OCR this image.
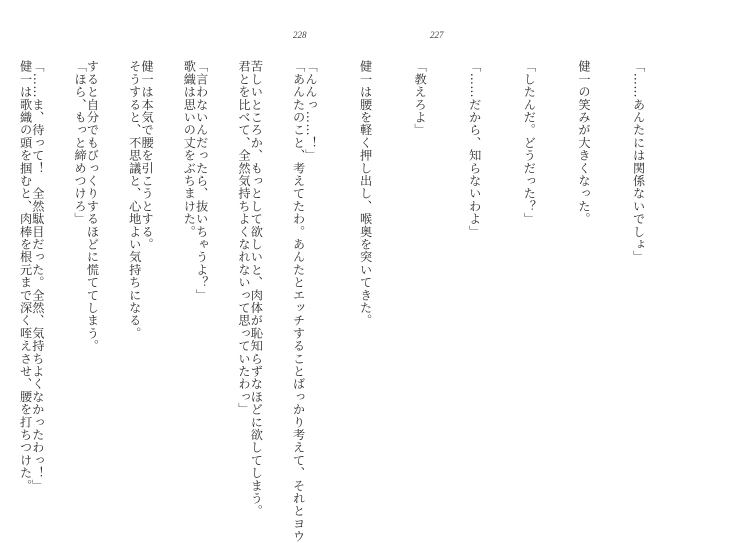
228	227

「……あんたには関係ないでしょ」

健一の笑みが大きくなった。

「したんだ。どうだった？」

「……だから、知らないわよ」

「教えろよ」

健一は腰を軽く押し出し、喉奥を突いてきた。

「んんっ……！」

苦しいところか、もっとして欲しいと、肉体が恥知らずなほどに欲してしまう。

「言わないんだったら、抜いちゃうよ？」

健一は本気で腰を引こうとする。

すると自分でもびっくりするほどに慌ててしまう。

「……ま、待って！　全然駄目だった。全然、気持ちよくなかったわっ！」

	「あんたのこと、考えてたわ。あんたとエッチすることばっかり考えて、それとヨウ

君とを比べて、全然気持ちよくなれないって思っていたわっ」

歌織は思いの丈をぶちまけた。

そうすると、不思議と、心地よい気持ちになる。

「ほら、もっと締めつけろ」

健一は歌織の頭を掴むと、肉棒を根元まで深く咥えさせ、腰を打ちつけた。
